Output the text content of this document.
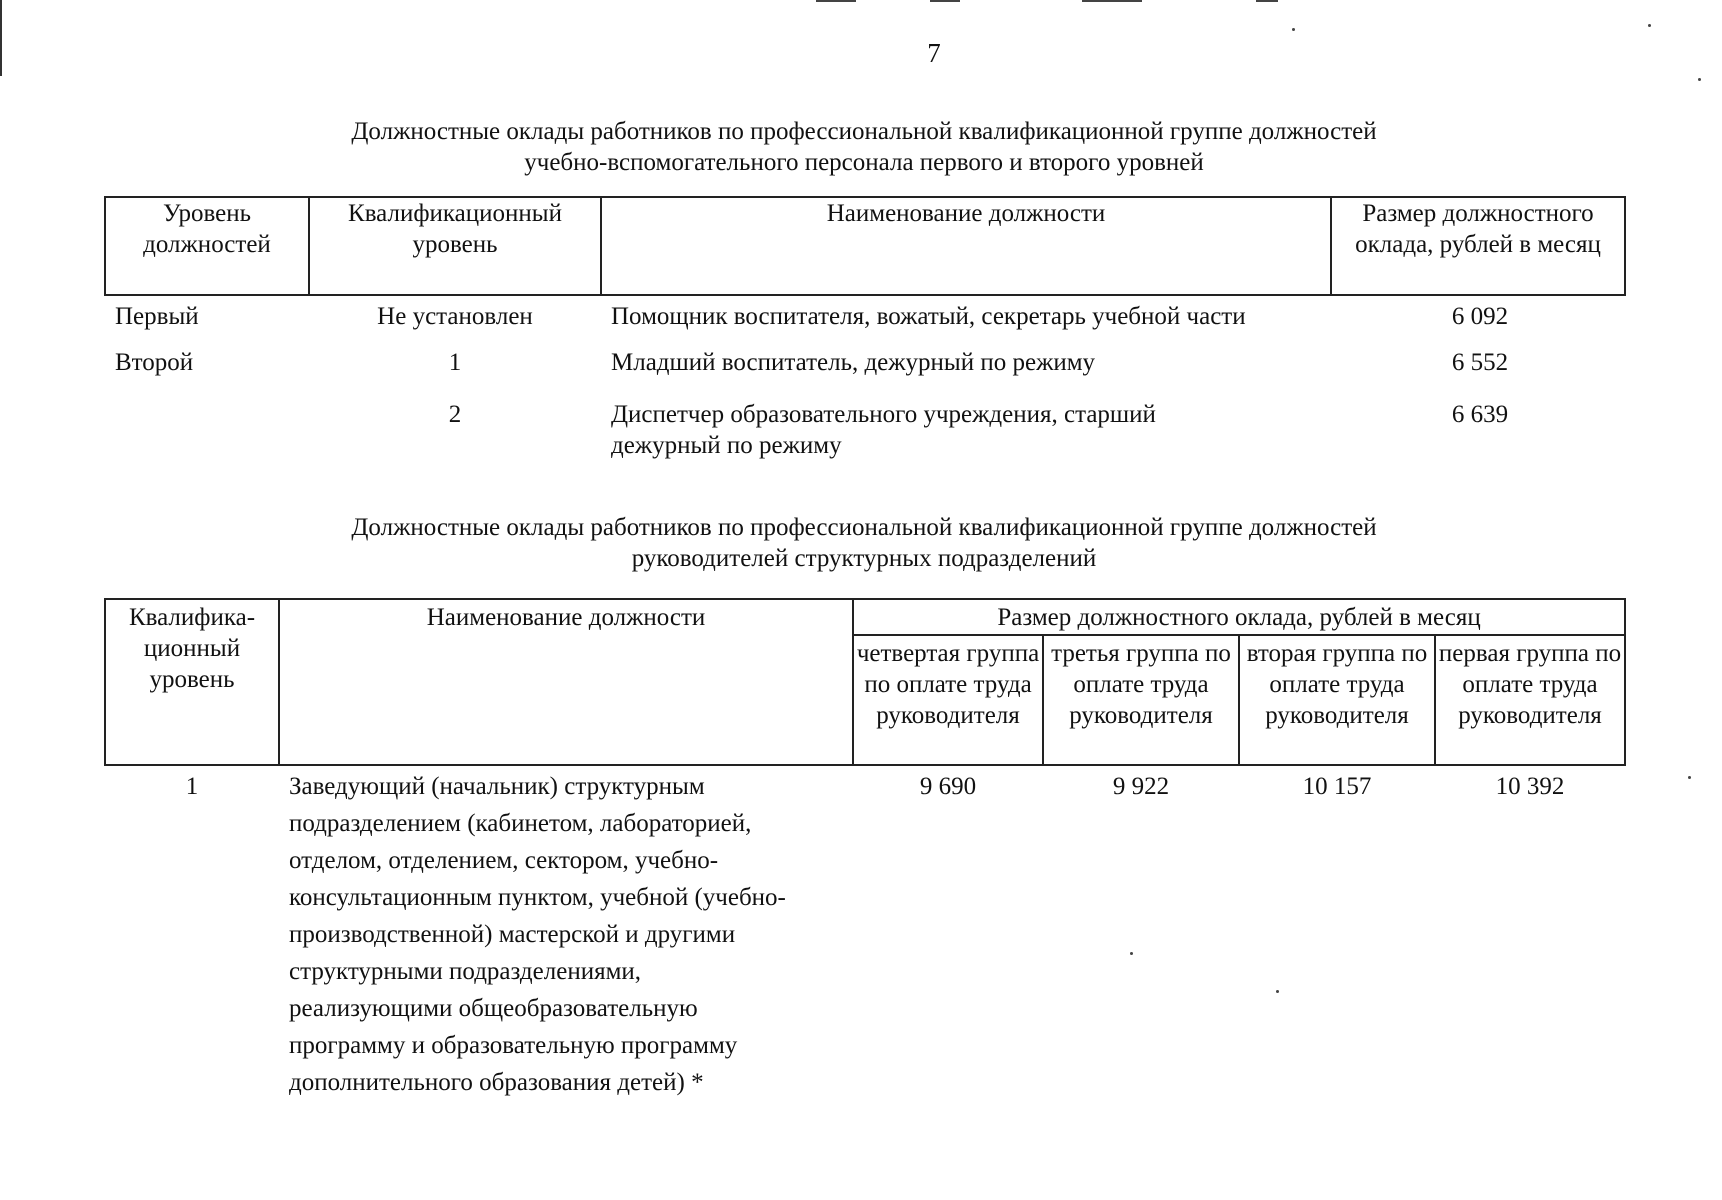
7
Должностные оклады работников по профессиональной квалификационной группе должностей
учебно-вспомогательного персонала первого и второго уровней
Уровень должностей	Квалификационный уровень	Наименование должности	Размер должностного оклада, рублей в месяц
Первый	Не установлен	Помощник воспитателя, вожатый, секретарь учебной части	6 092
Второй	1	Младший воспитатель, дежурный по режиму	6 552
	2	Диспетчер образовательного учреждения, старший дежурный по режиму	6 639
Должностные оклады работников по профессиональной квалификационной группе должностей
руководителей структурных подразделений
Квалифика-ционный уровень	Наименование должности	Размер должностного оклада, рублей в месяц			
		четвертая группа по оплате труда руководителя	третья группа по оплате труда руководителя	вторая группа по оплате труда руководителя	первая группа по оплате труда руководителя
1	Заведующий (начальник) структурным подразделением (кабинетом, лабораторией, отделом, отделением, сектором, учебно-консультационным пунктом, учебной (учебно-производственной) мастерской и другими структурными подразделениями, реализующими общеобразовательную программу и образовательную программу дополнительного образования детей) *	9 690	9 922	10 157	10 392
